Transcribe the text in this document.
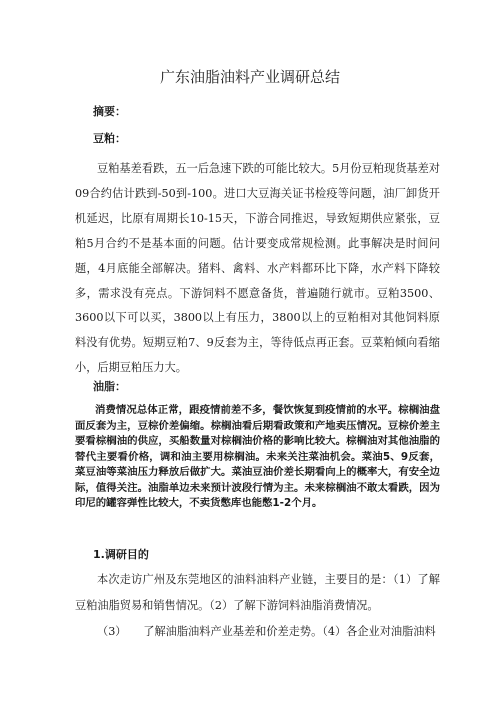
广东油脂油料产业调研总结
摘要：
豆粕：
豆粕基差看跌，五一后急速下跌的可能比较大。5月份豆粕现货基差对09合约估计跌到-50到-100。进口大豆海关证书检疫等问题，油厂卸货开机延迟，比原有周期长10-15天，下游合同推迟，导致短期供应紧张，豆粕5月合约不是基本面的问题。估计要变成常规检测。此事解决是时间问题，4月底能全部解决。猪料、禽料、水产料都环比下降，水产料下降较多，需求没有亮点。下游饲料不愿意备货，普遍随行就市。豆粕3500、3600以下可以买，3800以上有压力，3800以上的豆粕相对其他饲料原料没有优势。短期豆粕7、9反套为主，等待低点再正套。豆菜粕倾向看缩小，后期豆粕压力大。
油脂：
消费情况总体正常，跟疫情前差不多，餐饮恢复到疫情前的水平。棕榈油盘面反套为主，豆棕价差偏缩。棕榈油看后期看政策和产地卖压情况。豆棕价差主要看棕榈油的供应，买船数量对棕榈油价格的影响比较大。棕榈油对其他油脂的替代主要看价格，调和油主要用棕榈油。未来关注菜油机会。菜油5、9反套，菜豆油等菜油压力释放后做扩大。菜油豆油价差长期看向上的概率大，有安全边际，值得关注。油脂单边未来预计波段行情为主。未来棕榈油不敢太看跌，因为印尼的罐容弹性比较大，不卖货憋库也能憋1-2个月。
1.调研目的

本次走访广州及东莞地区的油料油料产业链，主要目的是：（1）了解豆粕油脂贸易和销售情况。（2）了解下游饲料油脂消费情况。

（3）　　了解油脂油料产业基差和价差走势。（4）各企业对油脂油料
